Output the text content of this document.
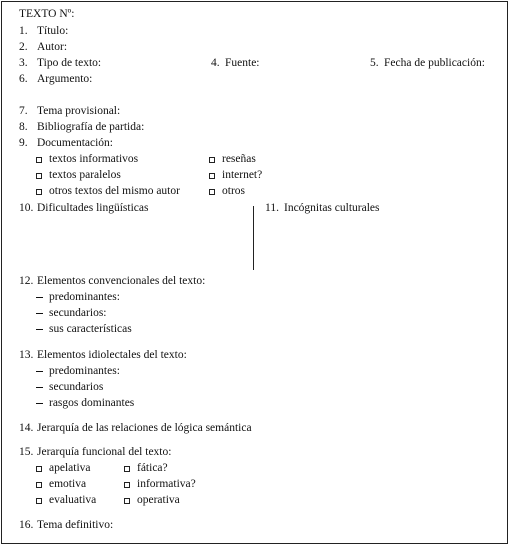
TEXTO Nº:
1. Título:
2. Autor:
3. Tipo de texto:	4. Fuente:	5. Fecha de publicación:
6. Argumento:
7. Tema provisional:
8. Bibliografía de partida:
9. Documentación:
textos informativos	reseñas
textos paralelos	internet?
otros textos del mismo autor	otros
10. Dificultades lingüísticas	11. Incógnitas culturales
12. Elementos convencionales del texto:
predominantes:
secundarios:
sus características
13. Elementos idiolectales del texto:
predominantes:
secundarios
rasgos dominantes
14. Jerarquía de las relaciones de lógica semántica
15. Jerarquía funcional del texto:
apelativa	fática?
emotiva	informativa?
evaluativa	operativa
16. Tema definitivo:
